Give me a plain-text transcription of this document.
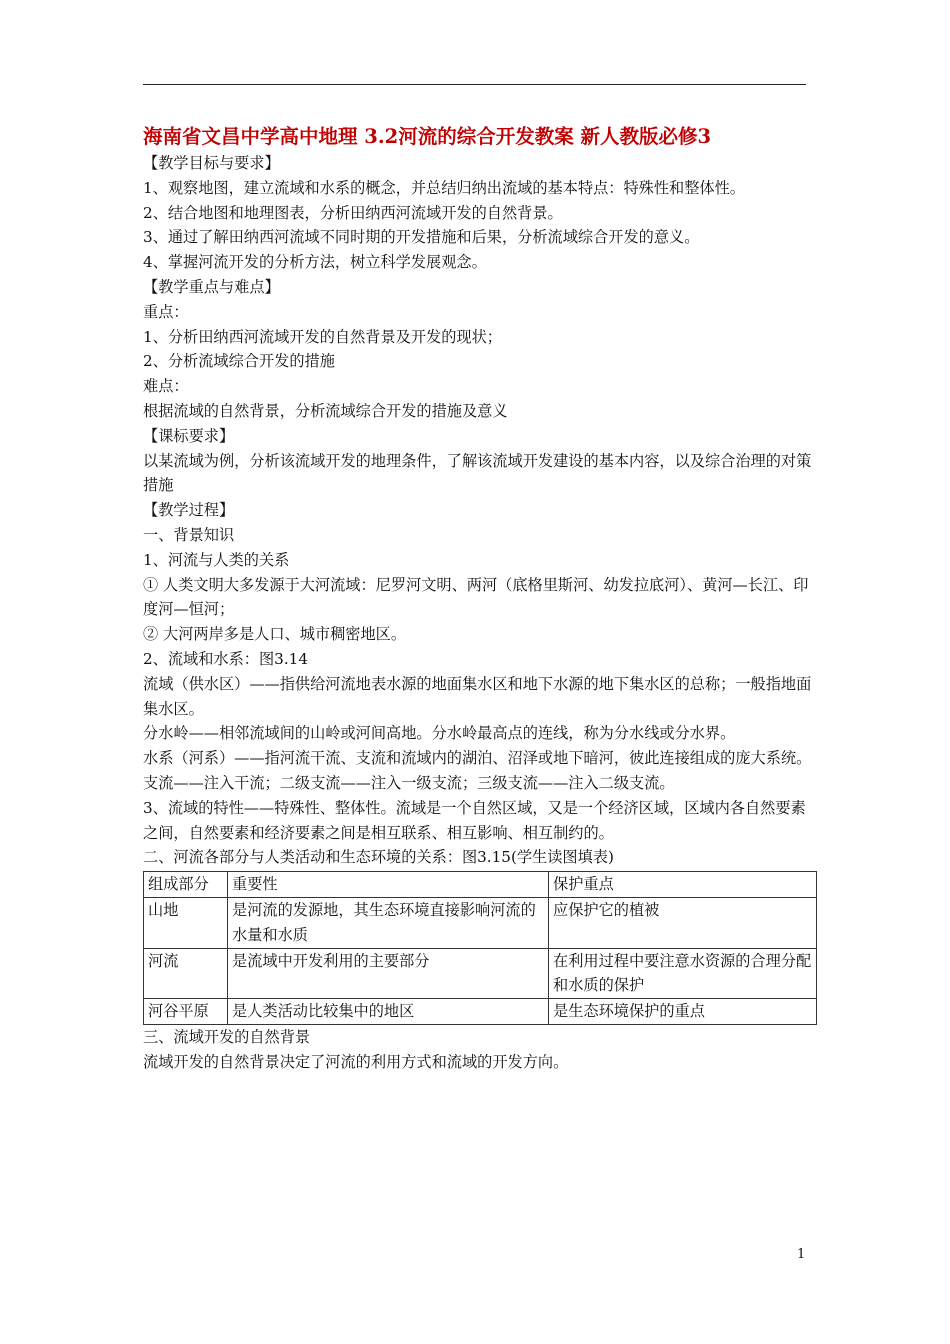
海南省文昌中学高中地理 3.2河流的综合开发教案 新人教版必修3

【教学目标与要求】

1、观察地图，建立流域和水系的概念，并总结归纳出流域的基本特点：特殊性和整体性。

2、结合地图和地理图表，分析田纳西河流域开发的自然背景。

3、通过了解田纳西河流域不同时期的开发措施和后果，分析流域综合开发的意义。

4、掌握河流开发的分析方法，树立科学发展观念。

【教学重点与难点】

重点：

1、分析田纳西河流域开发的自然背景及开发的现状；

2、分析流域综合开发的措施

难点：

根据流域的自然背景，分析流域综合开发的措施及意义

【课标要求】

以某流域为例，分析该流域开发的地理条件，了解该流域开发建设的基本内容，以及综合治理的对策措施

【教学过程】

一、背景知识

1、河流与人类的关系

① 人类文明大多发源于大河流域：尼罗河文明、两河（底格里斯河、幼发拉底河）、黄河—长江、印度河—恒河；

② 大河两岸多是人口、城市稠密地区。

2、流域和水系：图3.14

流域（供水区）——指供给河流地表水源的地面集水区和地下水源的地下集水区的总称；一般指地面集水区。

分水岭——相邻流域间的山岭或河间高地。分水岭最高点的连线，称为分水线或分水界。

水系（河系）——指河流干流、支流和流域内的湖泊、沼泽或地下暗河，彼此连接组成的庞大系统。

支流——注入干流；二级支流——注入一级支流；三级支流——注入二级支流。

3、流域的特性——特殊性、整体性。流域是一个自然区域，又是一个经济区域，区域内各自然要素之间，自然要素和经济要素之间是相互联系、相互影响、相互制约的。

二、河流各部分与人类活动和生态环境的关系：图3.15(学生读图填表)

组成部分	重要性	保护重点
山地	是河流的发源地，其生态环境直接影响河流的水量和水质	应保护它的植被
河流	是流域中开发利用的主要部分	在利用过程中要注意水资源的合理分配和水质的保护
河谷平原	是人类活动比较集中的地区	是生态环境保护的重点

三、流域开发的自然背景

流域开发的自然背景决定了河流的利用方式和流域的开发方向。

1
